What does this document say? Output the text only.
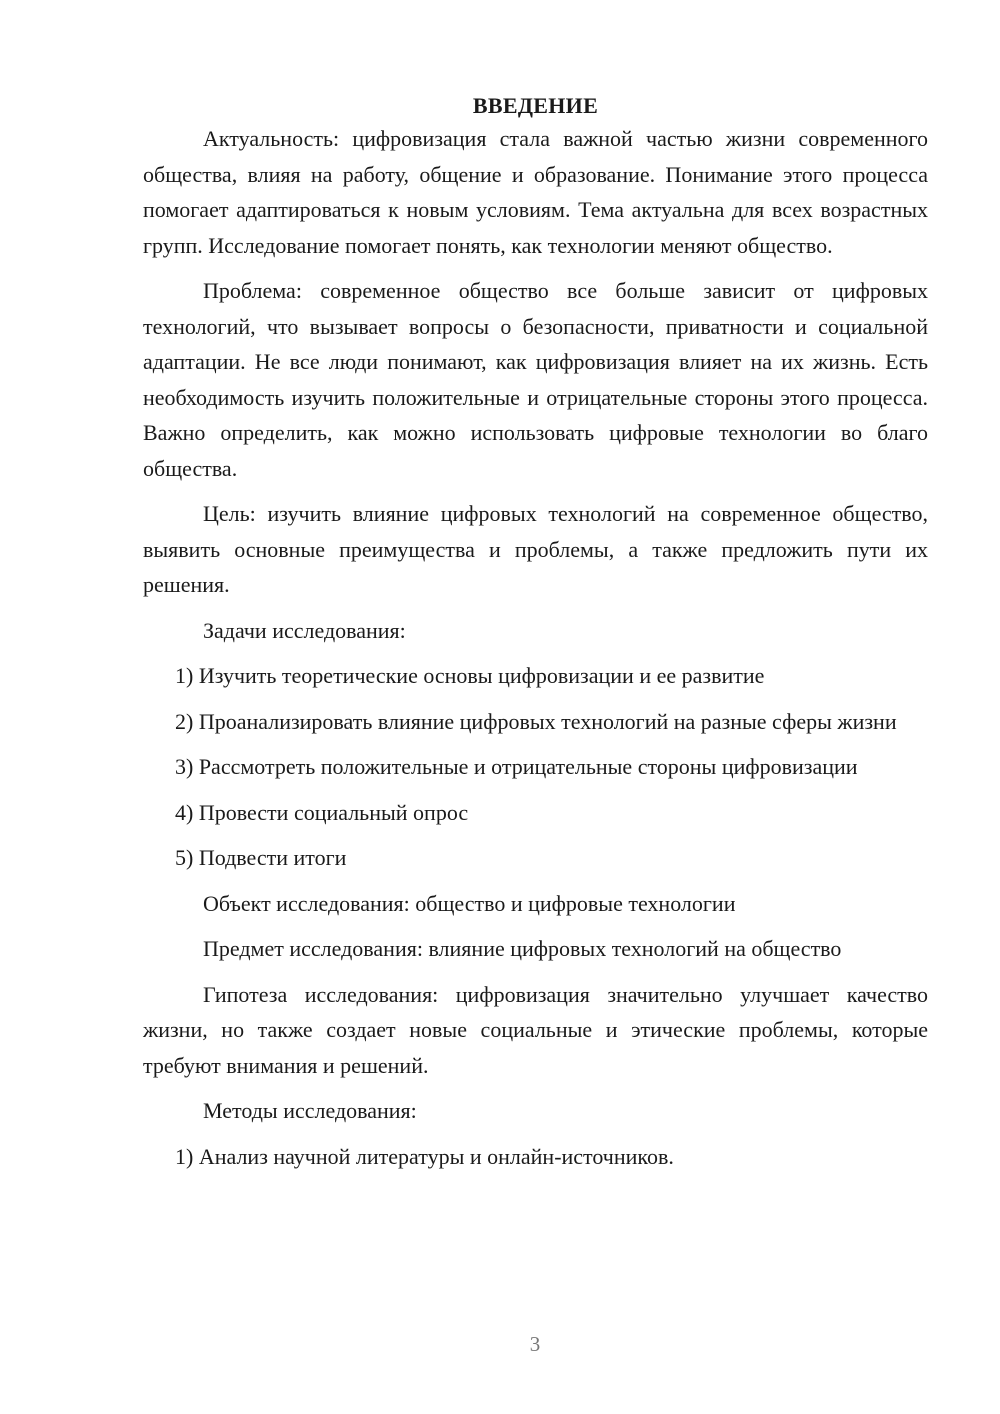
ВВЕДЕНИЕ

Актуальность: цифровизация стала важной частью жизни современного общества, влияя на работу, общение и образование. Понимание этого процесса помогает адаптироваться к новым условиям. Тема актуальна для всех возрастных групп. Исследование помогает понять, как технологии меняют общество.

Проблема: современное общество все больше зависит от цифровых технологий, что вызывает вопросы о безопасности, приватности и социальной адаптации. Не все люди понимают, как цифровизация влияет на их жизнь. Есть необходимость изучить положительные и отрицательные стороны этого процесса. Важно определить, как можно использовать цифровые технологии во благо общества.

Цель: изучить влияние цифровых технологий на современное общество, выявить основные преимущества и проблемы, а также предложить пути их решения.

Задачи исследования:

1) Изучить теоретические основы цифровизации и ее развитие

2) Проанализировать влияние цифровых технологий на разные сферы жизни

3) Рассмотреть положительные и отрицательные стороны цифровизации

4) Провести социальный опрос

5) Подвести итоги

Объект исследования: общество и цифровые технологии

Предмет исследования: влияние цифровых технологий на общество

Гипотеза исследования: цифровизация значительно улучшает качество жизни, но также создает новые социальные и этические проблемы, которые требуют внимания и решений.

Методы исследования:

1) Анализ научной литературы и онлайн-источников.

3
